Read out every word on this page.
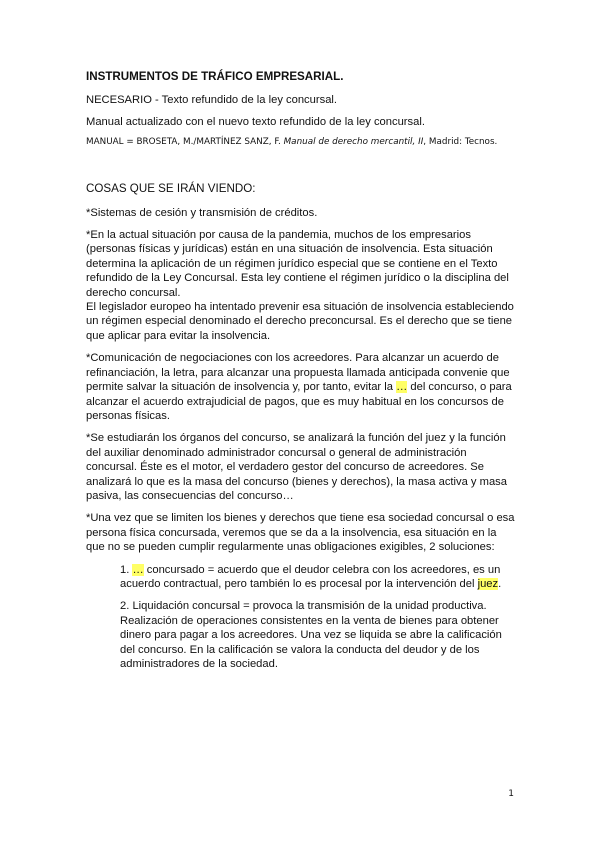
INSTRUMENTOS DE TRÁFICO EMPRESARIAL.

NECESARIO - Texto refundido de la ley concursal.

Manual actualizado con el nuevo texto refundido de la ley concursal.

MANUAL = BROSETA, M./MARTÍNEZ SANZ, F. Manual de derecho mercantil, II, Madrid: Tecnos.

COSAS QUE SE IRÁN VIENDO:

*Sistemas de cesión y transmisión de créditos.

*En la actual situación por causa de la pandemia, muchos de los empresarios (personas físicas y jurídicas) están en una situación de insolvencia. Esta situación determina la aplicación de un régimen jurídico especial que se contiene en el Texto refundido de la Ley Concursal. Esta ley contiene el régimen jurídico o la disciplina del derecho concursal.

El legislador europeo ha intentado prevenir esa situación de insolvencia estableciendo un régimen especial denominado el derecho preconcursal. Es el derecho que se tiene que aplicar para evitar la insolvencia.

*Comunicación de negociaciones con los acreedores. Para alcanzar un acuerdo de refinanciación, la letra, para alcanzar una propuesta llamada anticipada convenie que permite salvar la situación de insolvencia y, por tanto, evitar la … del concurso, o para alcanzar el acuerdo extrajudicial de pagos, que es muy habitual en los concursos de personas físicas.

*Se estudiarán los órganos del concurso, se analizará la función del juez y la función del auxiliar denominado administrador concursal o general de administración concursal. Éste es el motor, el verdadero gestor del concurso de acreedores. Se analizará lo que es la masa del concurso (bienes y derechos), la masa activa y masa pasiva, las consecuencias del concurso…

*Una vez que se limiten los bienes y derechos que tiene esa sociedad concursal o esa persona física concursada, veremos que se da a la insolvencia, esa situación en la que no se pueden cumplir regularmente unas obligaciones exigibles, 2 soluciones:

1. … concursado = acuerdo que el deudor celebra con los acreedores, es un acuerdo contractual, pero también lo es procesal por la intervención del juez.

2. Liquidación concursal = provoca la transmisión de la unidad productiva. Realización de operaciones consistentes en la venta de bienes para obtener dinero para pagar a los acreedores. Una vez se liquida se abre la calificación del concurso. En la calificación se valora la conducta del deudor y de los administradores de la sociedad.

1
